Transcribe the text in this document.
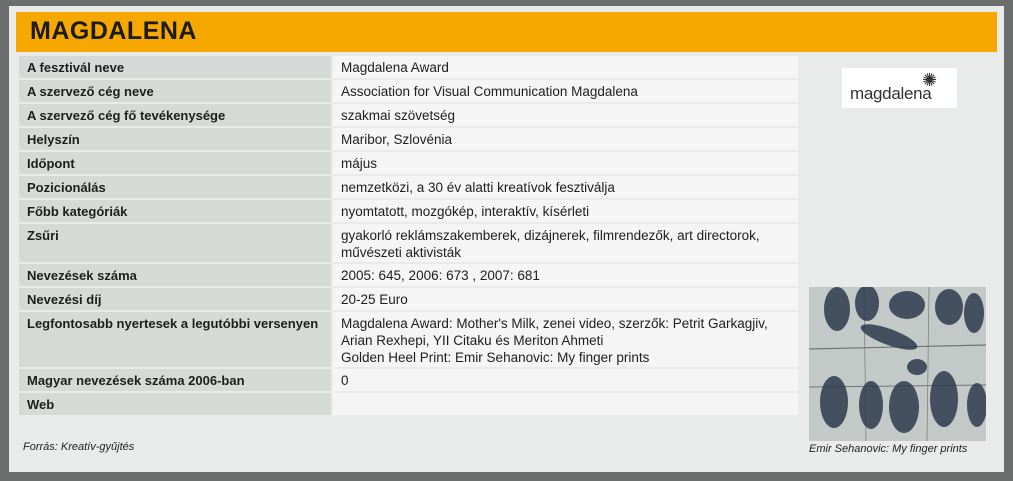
MAGDALENA
A fesztivál neve	Magdalena Award

A szervező cég neve	Association for Visual Communication Magdalena

A szervező cég fő tevékenysége	szakmai szövetség

Helyszín	Maribor, Szlovénia

Időpont	május

Pozicionálás	nemzetközi, a 30 év alatti kreatívok fesztiválja

Főbb kategóriák	nyomtatott, mozgókép, interaktív, kísérleti

Zsűri	gyakorló reklámszakemberek, dizájnerek, filmrendezők, art directorok,
művészeti aktivisták

Nevezések száma	2005: 645, 2006: 673 , 2007: 681

Nevezési díj	20-25 Euro

Legfontosabb nyertesek a legutóbbi versenyen	Magdalena Award: Mother's Milk, zenei video, szerzők: Petrit Garkagjiv,
Arian Rexhepi, YII Citaku és Meriton Ahmeti
Golden Heel Print: Emir Sehanovic: My finger prints

Magyar nevezések száma 2006-ban	0

Web	
Forrás: Kreatív-gyűjtés
magdalena
✺
Emir Sehanovic: My finger prints
